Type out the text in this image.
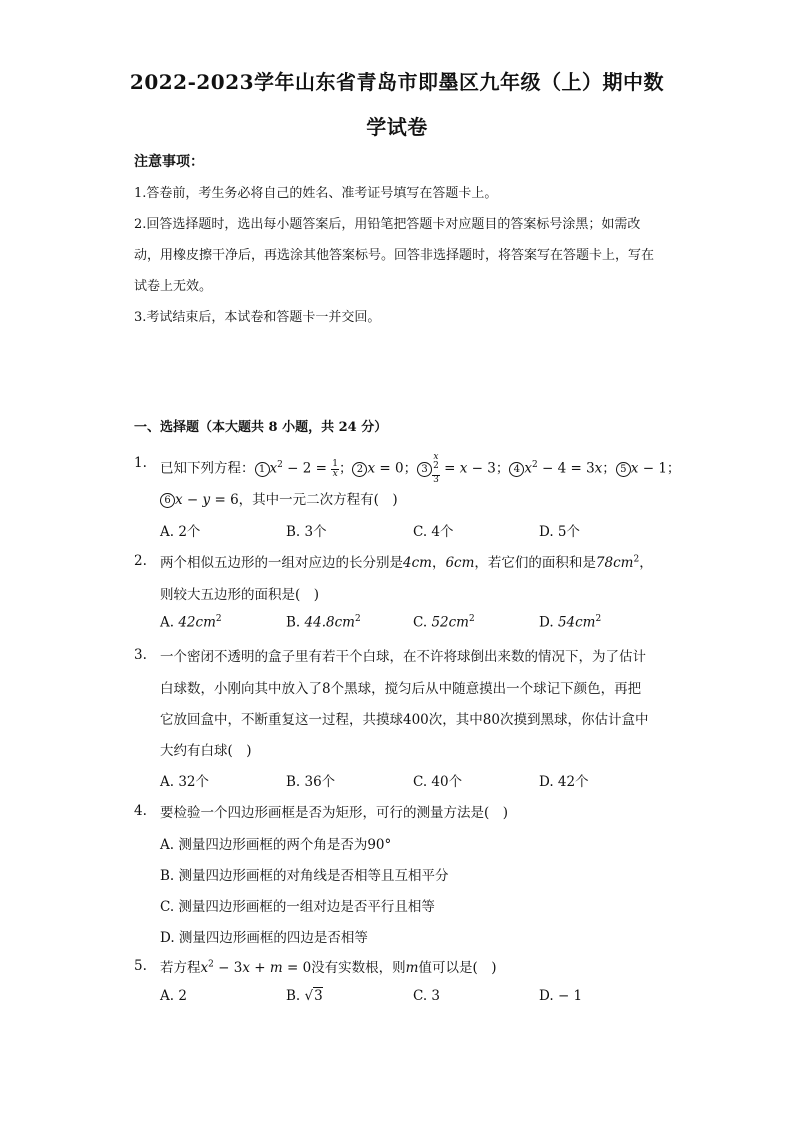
2022-2023学年山东省青岛市即墨区九年级（上）期中数
学试卷
注意事项：
1.答卷前，考生务必将自己的姓名、准考证号填写在答题卡上。
2.回答选择题时，选出每小题答案后，用铅笔把答题卡对应题目的答案标号涂黑；如需改动，用橡皮擦干净后，再选涂其他答案标号。回答非选择题时，将答案写在答题卡上，写在试卷上无效。
3.考试结束后，本试卷和答题卡一并交回。
一、选择题（本大题共 8 小题，共 24 分）
1. 已知下列方程： 1 $x^2 - 2 = \frac{1}{x}$ ； 2 x = 0； 3 x
$^2$
3 = x − 3； 4 $x^2 - 4 = 3x$； 5 x − 1；
6 x − y = 6，其中一元二次方程有(　)
A. 2个	B. 3个	C. 4个	D. 5个
2. 两个相似五边形的一组对应边的长分别是4cm，6cm，若它们的面积和是$78cm^2$，
则较大五边形的面积是(　)
A. $42cm^2$	B. $44.8cm^2$	C. $52cm^2$	D. $54cm^2$
3. 一个密闭不透明的盒子里有若干个白球，在不许将球倒出来数的情况下，为了估计
白球数，小刚向其中放入了8个黑球，搅匀后从中随意摸出一个球记下颜色，再把
它放回盒中，不断重复这一过程，共摸球400次，其中80次摸到黑球，你估计盒中
大约有白球(　)
A. 32个	B. 36个	C. 40个	D. 42个
4. 要检验一个四边形画框是否为矩形，可行的测量方法是(　)
A. 测量四边形画框的两个角是否为90°
B. 测量四边形画框的对角线是否相等且互相平分
C. 测量四边形画框的一组对边是否平行且相等
D. 测量四边形画框的四边是否相等
5. 若方程$x^2 - 3x + m = 0$没有实数根，则m值可以是(　)
A. 2	B. √3	C. 3	D. − 1
